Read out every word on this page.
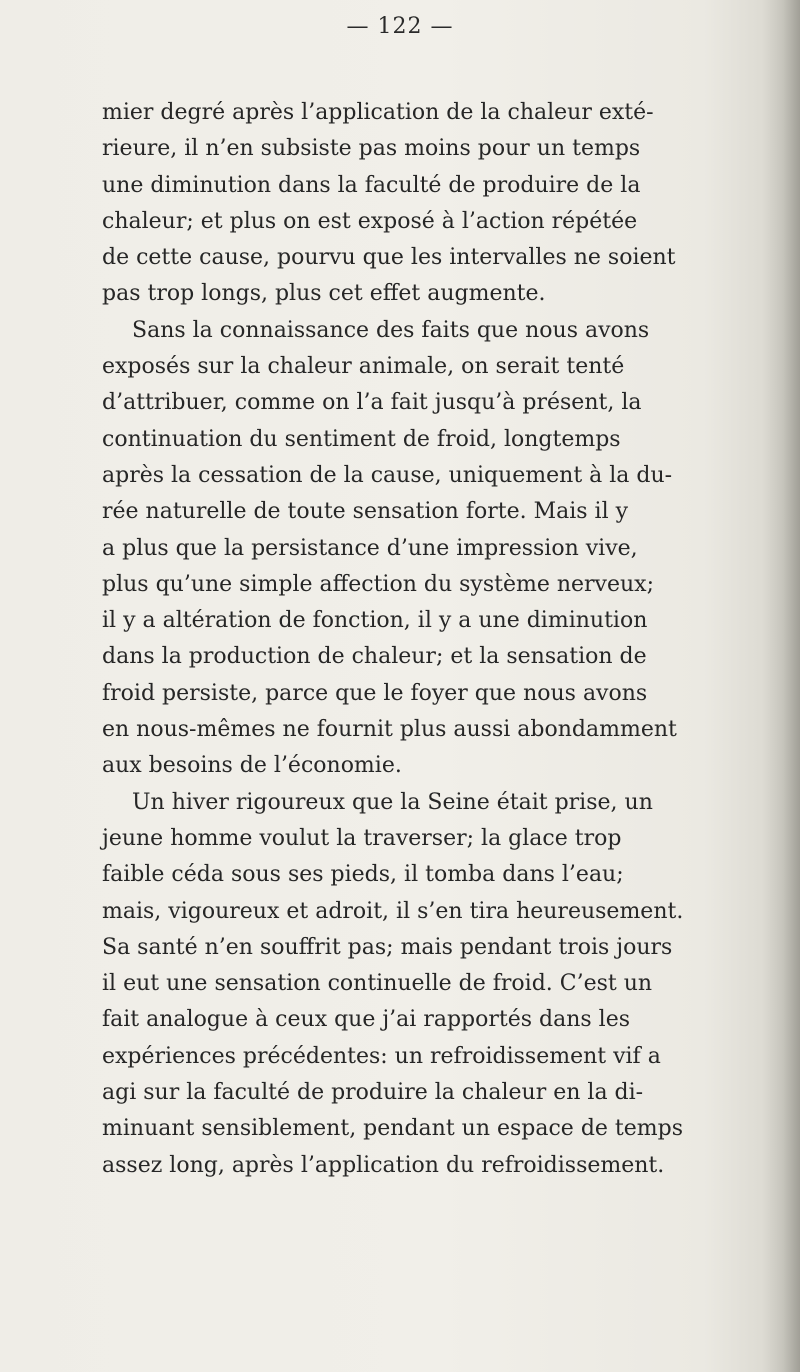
— 122 —
mier degré après l’application de la chaleur exté-
rieure, il n’en subsiste pas moins pour un temps
une diminution dans la faculté de produire de la
chaleur; et plus on est exposé à l’action répétée
de cette cause, pourvu que les intervalles ne soient
pas trop longs, plus cet effet augmente.
Sans la connaissance des faits que nous avons
exposés sur la chaleur animale, on serait tenté
d’attribuer, comme on l’a fait jusqu’à présent, la
continuation du sentiment de froid, longtemps
après la cessation de la cause, uniquement à la du-
rée naturelle de toute sensation forte. Mais il y
a plus que la persistance d’une impression vive,
plus qu’une simple affection du système nerveux;
il y a altération de fonction, il y a une diminution
dans la production de chaleur; et la sensation de
froid persiste, parce que le foyer que nous avons
en nous-mêmes ne fournit plus aussi abondamment
aux besoins de l’économie.
Un hiver rigoureux que la Seine était prise, un
jeune homme voulut la traverser; la glace trop
faible céda sous ses pieds, il tomba dans l’eau;
mais, vigoureux et adroit, il s’en tira heureusement.
Sa santé n’en souffrit pas; mais pendant trois jours
il eut une sensation continuelle de froid. C’est un
fait analogue à ceux que j’ai rapportés dans les
expériences précédentes: un refroidissement vif a
agi sur la faculté de produire la chaleur en la di-
minuant sensiblement, pendant un espace de temps
assez long, après l’application du refroidissement.
